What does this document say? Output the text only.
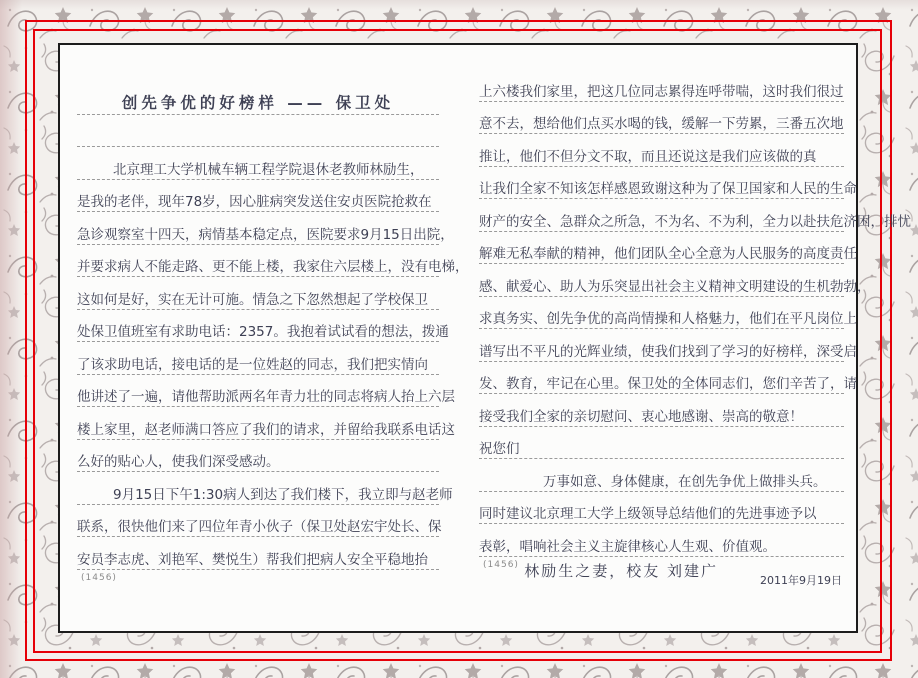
创先争优的好榜样 —— 保卫处
北京理工大学机械车辆工程学院退休老教师林励生，
是我的老伴，现年78岁，因心脏病突发送住安贞医院抢救在
急诊观察室十四天，病情基本稳定点，医院要求9月15日出院，
并要求病人不能走路、更不能上楼，我家住六层楼上，没有电梯，
这如何是好，实在无计可施。情急之下忽然想起了学校保卫
处保卫值班室有求助电话：2357。我抱着试试看的想法，拨通
了该求助电话，接电话的是一位姓赵的同志，我们把实情向
他讲述了一遍，请他帮助派两名年青力壮的同志将病人抬上六层
楼上家里，赵老师满口答应了我们的请求，并留给我联系电话这
么好的贴心人，使我们深受感动。
9月15日下午1:30病人到达了我们楼下，我立即与赵老师
联系，很快他们来了四位年青小伙子（保卫处赵宏宇处长、保
安员李志虎、刘艳军、樊悦生）帮我们把病人安全平稳地抬
(1456)
上六楼我们家里，把这几位同志累得连呼带喘，这时我们很过
意不去，想给他们点买水喝的钱，缓解一下劳累，三番五次地
推让，他们不但分文不取，而且还说这是我们应该做的真
让我们全家不知该怎样感恩致谢这种为了保卫国家和人民的生命
财产的安全、急群众之所急，不为名、不为利，全力以赴扶危济困，排忧
解难无私奉献的精神，他们团队全心全意为人民服务的高度责任
感、献爱心、助人为乐突显出社会主义精神文明建设的生机勃勃，
求真务实、创先争优的高尚情操和人格魅力，他们在平凡岗位上
谱写出不平凡的光辉业绩，使我们找到了学习的好榜样，深受启
发、教育，牢记在心里。保卫处的全体同志们，您们辛苦了，请
接受我们全家的亲切慰问、衷心地感谢、崇高的敬意！
祝您们
万事如意、身体健康，在创先争优上做排头兵。
同时建议北京理工大学上级领导总结他们的先进事迹予以
表彰，唱响社会主义主旋律核心人生观、价值观。
(1456) 林励生之妻，校友 刘建广
2011年9月19日
